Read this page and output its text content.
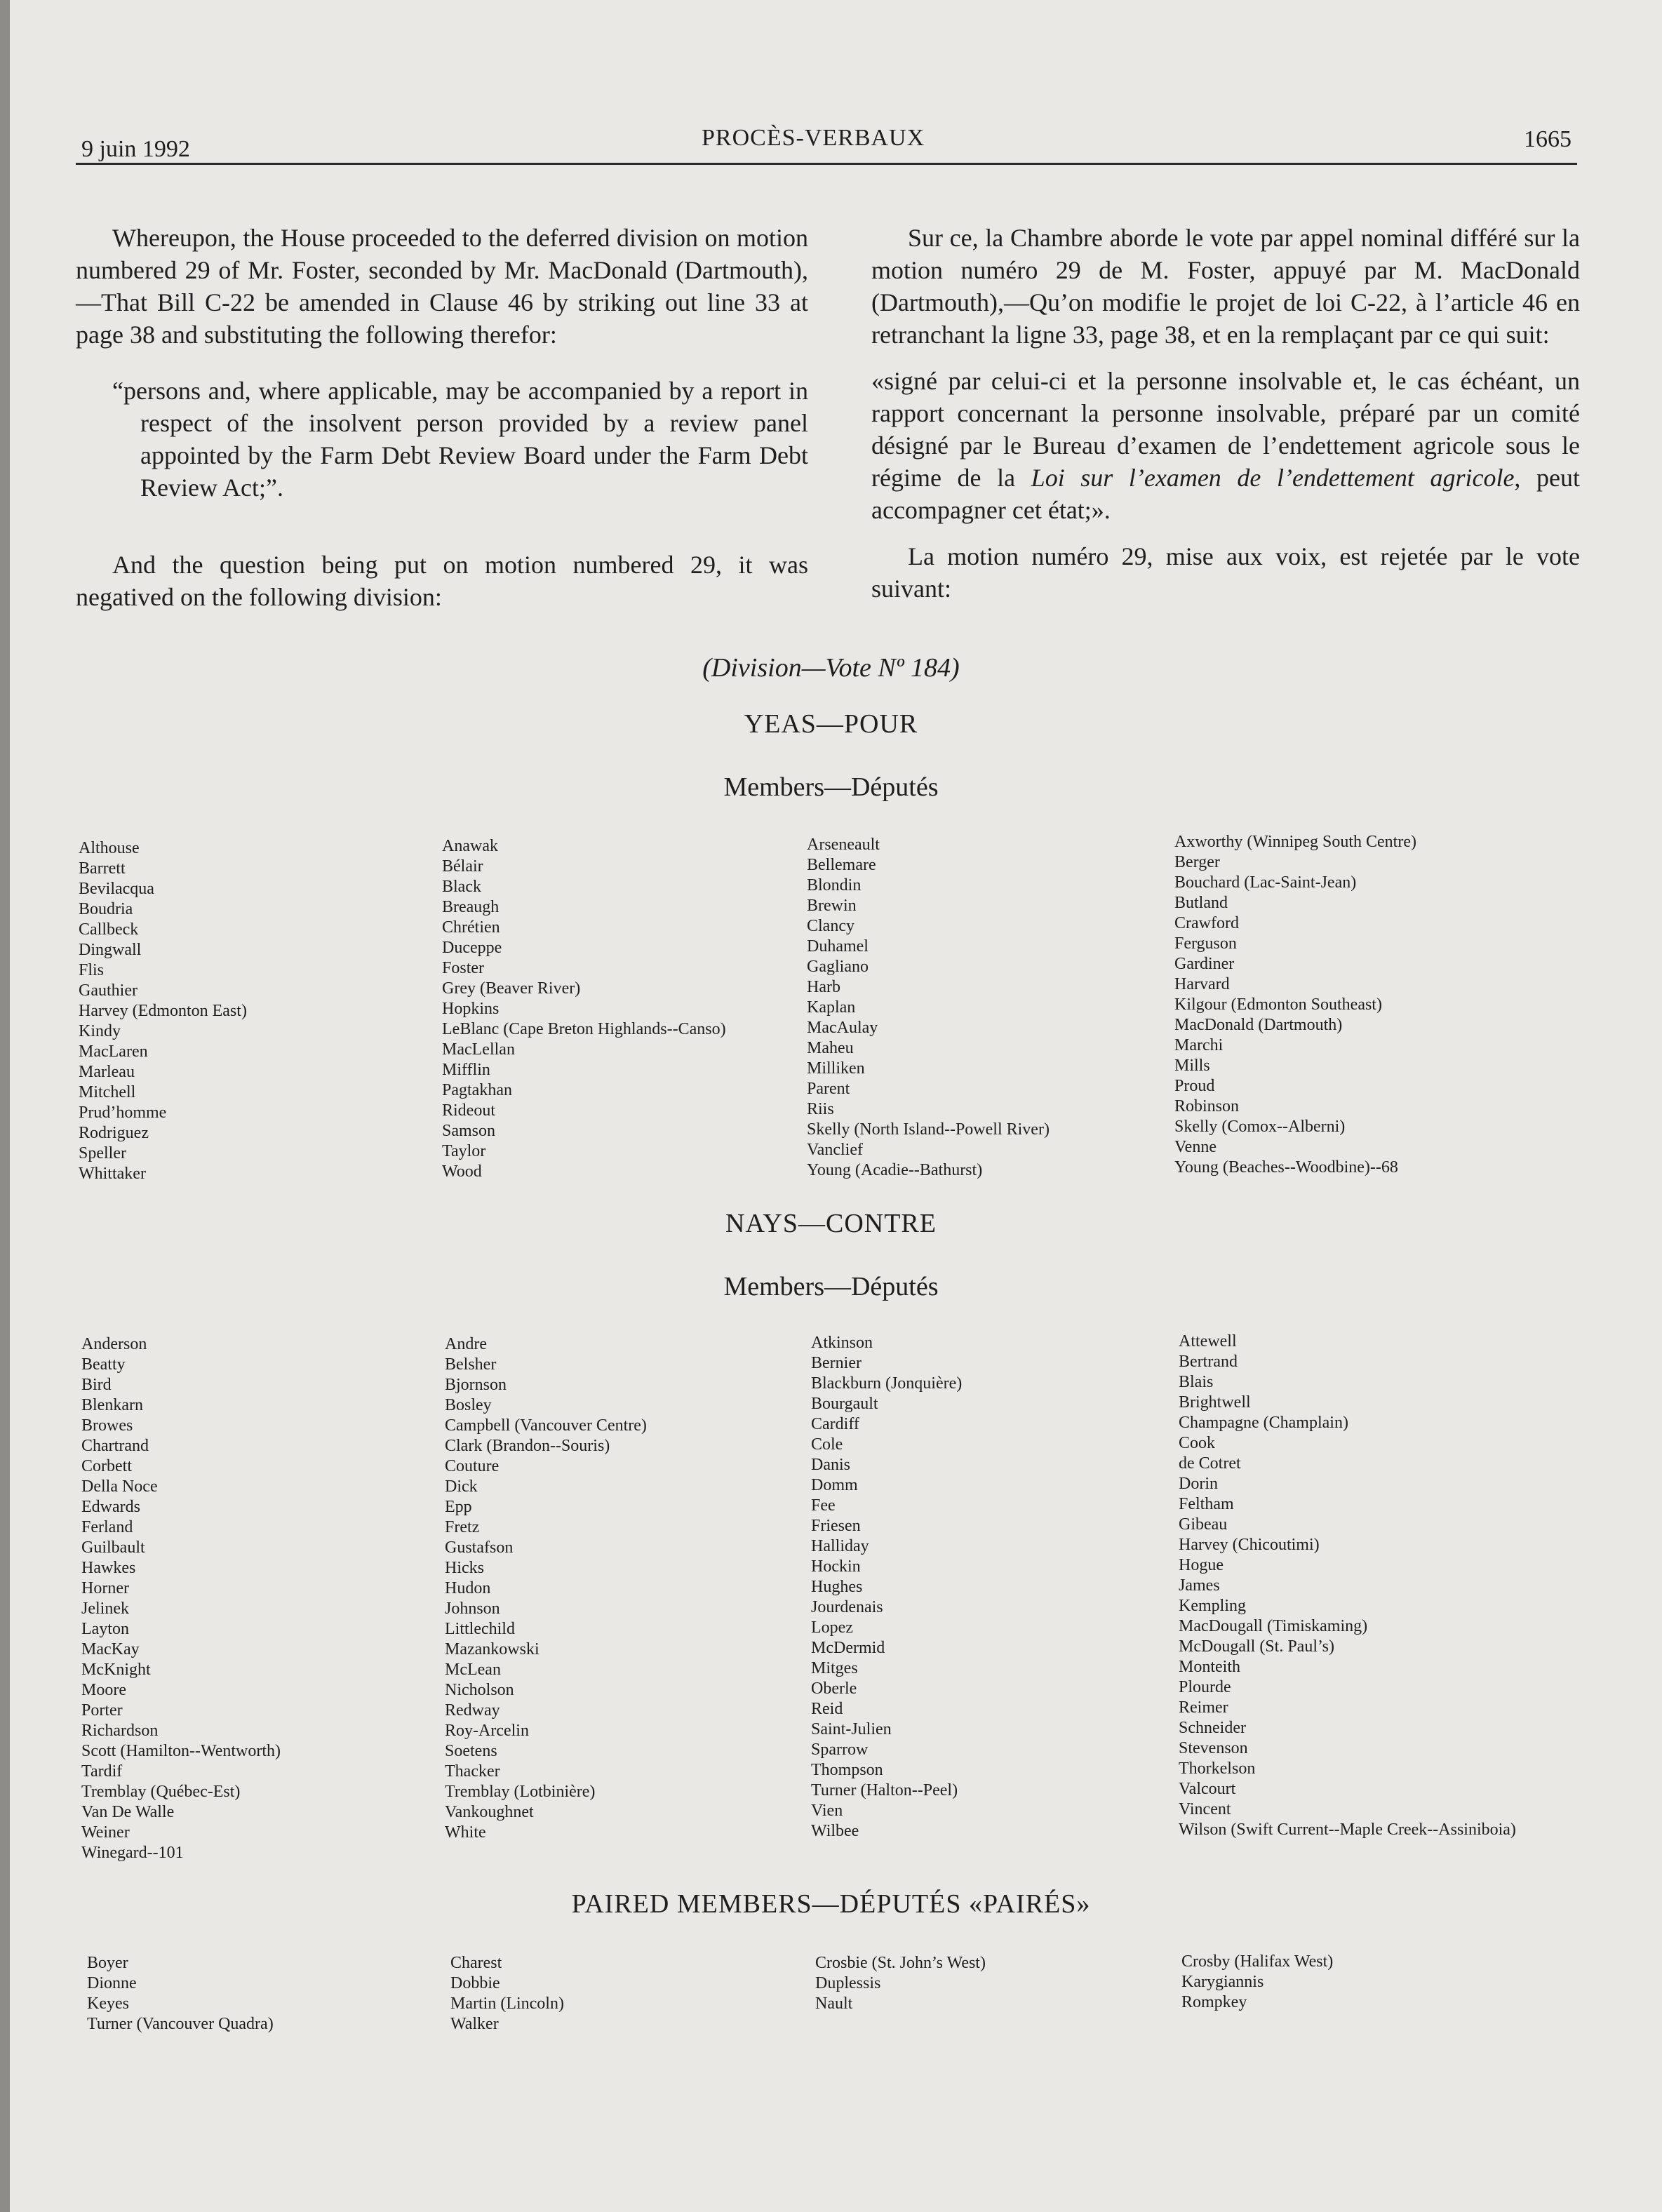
9 juin 1992	PROCÈS-VERBAUX	1665

Whereupon, the House proceeded to the deferred division on motion numbered 29 of Mr. Foster, seconded by Mr. MacDonald (Dartmouth),—That Bill C-22 be amended in Clause 46 by striking out line 33 at page 38 and substituting the following therefor:

“persons and, where applicable, may be accompanied by a report in respect of the insolvent person provided by a review panel appointed by the Farm Debt Review Board under the Farm Debt Review Act;”.

And the question being put on motion numbered 29, it was negatived on the following division:

Sur ce, la Chambre aborde le vote par appel nominal différé sur la motion numéro 29 de M. Foster, appuyé par M. MacDonald (Dartmouth),—Qu’on modifie le projet de loi C-22, à l’article 46 en retranchant la ligne 33, page 38, et en la remplaçant par ce qui suit:

«signé par celui-ci et la personne insolvable et, le cas échéant, un rapport concernant la personne insolvable, préparé par un comité désigné par le Bureau d’examen de l’endettement agricole sous le régime de la Loi sur l’examen de l’endettement agricole, peut accompagner cet état;».

La motion numéro 29, mise aux voix, est rejetée par le vote suivant:

(Division—Vote Nº 184)
YEAS—POUR
Members—Députés
Althouse
Barrett
Bevilacqua
Boudria
Callbeck
Dingwall
Flis
Gauthier
Harvey (Edmonton East)
Kindy
MacLaren
Marleau
Mitchell
Prud’homme
Rodriguez
Speller
Whittaker
Anawak
Bélair
Black
Breaugh
Chrétien
Duceppe
Foster
Grey (Beaver River)
Hopkins
LeBlanc (Cape Breton Highlands--Canso)
MacLellan
Mifflin
Pagtakhan
Rideout
Samson
Taylor
Wood
Arseneault
Bellemare
Blondin
Brewin
Clancy
Duhamel
Gagliano
Harb
Kaplan
MacAulay
Maheu
Milliken
Parent
Riis
Skelly (North Island--Powell River)
Vanclief
Young (Acadie--Bathurst)
Axworthy (Winnipeg South Centre)
Berger
Bouchard (Lac-Saint-Jean)
Butland
Crawford
Ferguson
Gardiner
Harvard
Kilgour (Edmonton Southeast)
MacDonald (Dartmouth)
Marchi
Mills
Proud
Robinson
Skelly (Comox--Alberni)
Venne
Young (Beaches--Woodbine)--68
NAYS—CONTRE
Members—Députés
Anderson
Beatty
Bird
Blenkarn
Browes
Chartrand
Corbett
Della Noce
Edwards
Ferland
Guilbault
Hawkes
Horner
Jelinek
Layton
MacKay
McKnight
Moore
Porter
Richardson
Scott (Hamilton--Wentworth)
Tardif
Tremblay (Québec-Est)
Van De Walle
Weiner
Winegard--101
Andre
Belsher
Bjornson
Bosley
Campbell (Vancouver Centre)
Clark (Brandon--Souris)
Couture
Dick
Epp
Fretz
Gustafson
Hicks
Hudon
Johnson
Littlechild
Mazankowski
McLean
Nicholson
Redway
Roy-Arcelin
Soetens
Thacker
Tremblay (Lotbinière)
Vankoughnet
White
Atkinson
Bernier
Blackburn (Jonquière)
Bourgault
Cardiff
Cole
Danis
Domm
Fee
Friesen
Halliday
Hockin
Hughes
Jourdenais
Lopez
McDermid
Mitges
Oberle
Reid
Saint-Julien
Sparrow
Thompson
Turner (Halton--Peel)
Vien
Wilbee
Attewell
Bertrand
Blais
Brightwell
Champagne (Champlain)
Cook
de Cotret
Dorin
Feltham
Gibeau
Harvey (Chicoutimi)
Hogue
James
Kempling
MacDougall (Timiskaming)
McDougall (St. Paul’s)
Monteith
Plourde
Reimer
Schneider
Stevenson
Thorkelson
Valcourt
Vincent
Wilson (Swift Current--Maple Creek--Assiniboia)
PAIRED MEMBERS—DÉPUTÉS «PAIRÉS»
Boyer
Dionne
Keyes
Turner (Vancouver Quadra)
Charest
Dobbie
Martin (Lincoln)
Walker
Crosbie (St. John’s West)
Duplessis
Nault
Crosby (Halifax West)
Karygiannis
Rompkey
